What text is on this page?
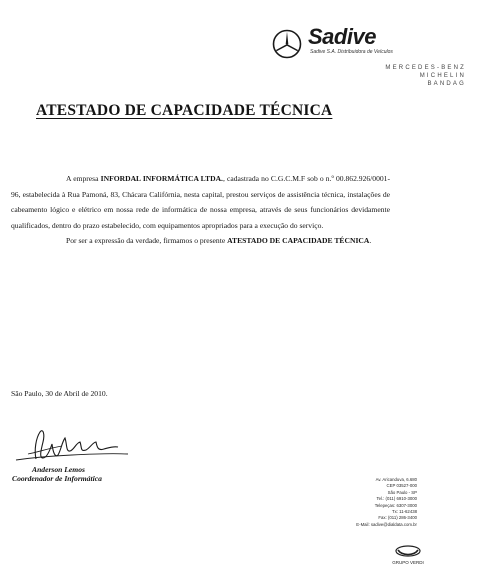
Sadive
Sadive S.A. Distribuidora de Veículos
MERCEDES-BENZ
MICHELIN
BANDAG
ATESTADO DE CAPACIDADE TÉCNICA

A empresa INFORDAL INFORMÁTICA LTDA., cadastrada no C.G.C.M.F sob o n.º 00.862.926/0001-96, estabelecida à Rua Pamoná, 83, Chácara Califórnia, nesta capital, prestou serviços de assistência técnica, instalações de cabeamento lógico e elétrico em nossa rede de informática de nossa empresa, através de seus funcionários devidamente qualificados, dentro do prazo estabelecido, com equipamentos apropriados para a execução do serviço.

Por ser a expressão da verdade, firmamos o presente ATESTADO DE CAPACIDADE TÉCNICA.

São Paulo, 30 de Abril de 2010.
Anderson Lemos
Coordenador de Informática	Av. Aricanduva, 6.680
CEP 03527-000
São Paulo - SP
Tel.: (011) 6910-3000
Telepeças: 6307-3000
Tx: 11-62438
Fax: (011) 286-3400
E-Mail: sadive@dialdata.com.br
GRUPO VERDI
